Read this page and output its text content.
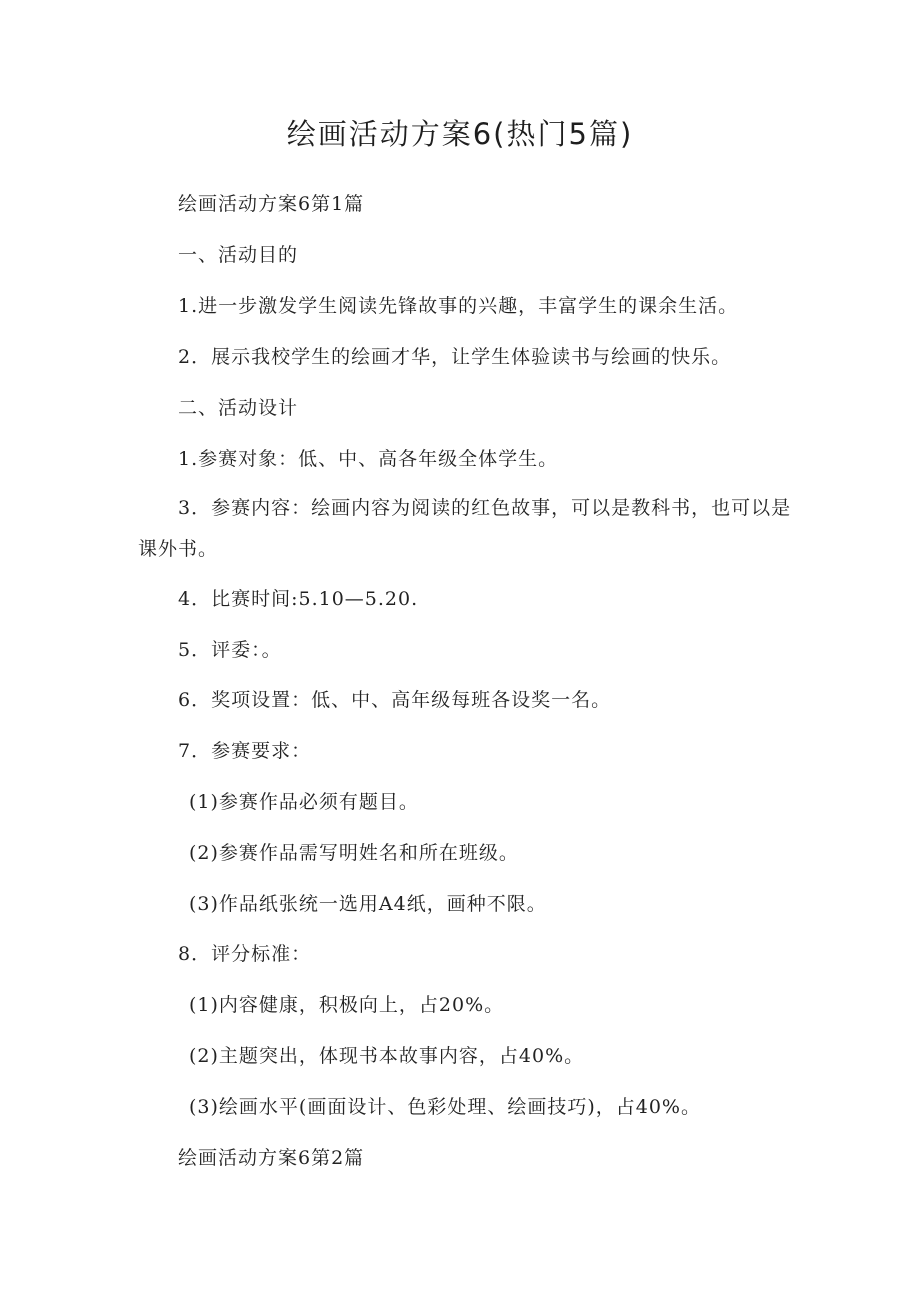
绘画活动方案6(热门5篇)

绘画活动方案6第1篇

一、活动目的

1.进一步激发学生阅读先锋故事的兴趣，丰富学生的课余生活。

2．展示我校学生的绘画才华，让学生体验读书与绘画的快乐。

二、活动设计

1.参赛对象：低、中、高各年级全体学生。

3．参赛内容：绘画内容为阅读的红色故事，可以是教科书，也可以是课外书。

4．比赛时间:5.10—5.20.

5．评委：。

6．奖项设置：低、中、高年级每班各设奖一名。

7．参赛要求：

(1)参赛作品必须有题目。

(2)参赛作品需写明姓名和所在班级。

(3)作品纸张统一选用A4纸，画种不限。

8．评分标准：

(1)内容健康，积极向上，占20%。

(2)主题突出，体现书本故事内容，占40%。

(3)绘画水平(画面设计、色彩处理、绘画技巧)，占40%。

绘画活动方案6第2篇
